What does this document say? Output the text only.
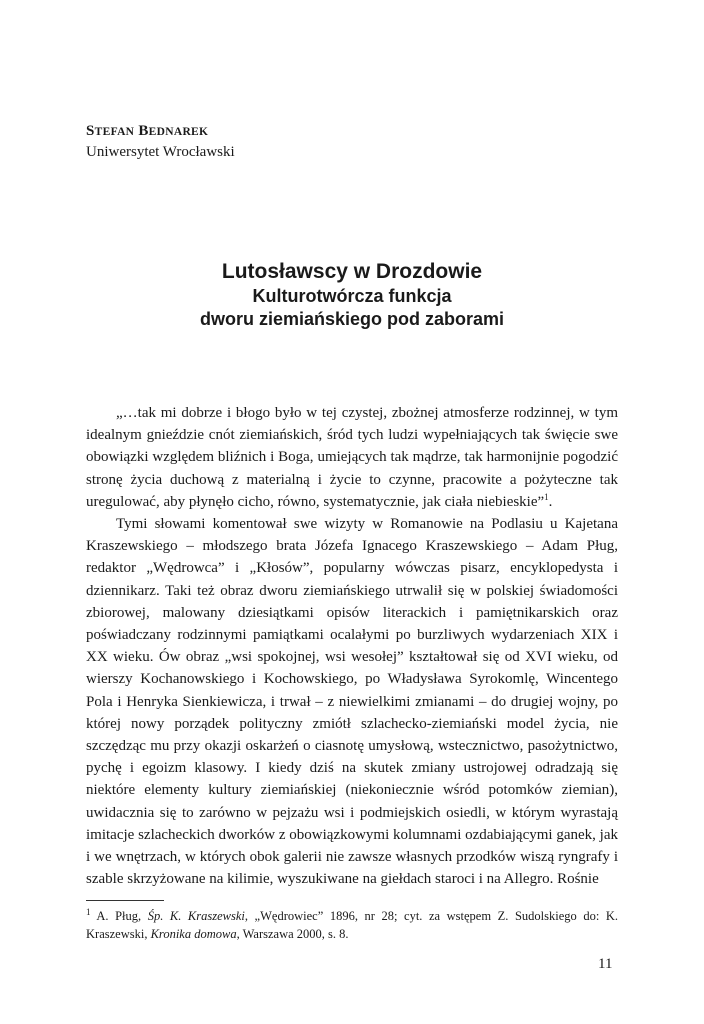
STEFAN BEDNAREK
Uniwersytet Wrocławski
Lutosławscy w Drozdowie
Kulturotwórcza funkcja
dworu ziemiańskiego pod zaborami

„…tak mi dobrze i błogo było w tej czystej, zbożnej atmosferze rodzinnej, w tym idealnym gnieździe cnót ziemiańskich, śród tych ludzi wypełniających tak święcie swe obowiązki względem bliźnich i Boga, umiejących tak mądrze, tak harmonijnie pogodzić stronę życia duchową z materialną i życie to czynne, pracowite a pożyteczne tak uregulować, aby płynęło cicho, równo, systematycznie, jak ciała niebieskie”$^1$.

Tymi słowami komentował swe wizyty w Romanowie na Podlasiu u Kajetana Kraszewskiego – młodszego brata Józefa Ignacego Kraszewskiego – Adam Pług, redaktor „Wędrowca” i „Kłosów”, popularny wówczas pisarz, encyklopedysta i dziennikarz. Taki też obraz dworu ziemiańskiego utrwalił się w polskiej świadomości zbiorowej, malowany dziesiątkami opisów literackich i pamiętnikarskich oraz poświadczany rodzinnymi pamiątkami ocalałymi po burzliwych wydarzeniach XIX i XX wieku. Ów obraz „wsi spokojnej, wsi wesołej” kształtował się od XVI wieku, od wierszy Kochanowskiego i Kochowskiego, po Władysława Syrokomlę, Wincentego Pola i Henryka Sienkiewicza, i trwał – z niewielkimi zmianami – do drugiej wojny, po której nowy porządek polityczny zmiótł szlachecko-ziemiański model życia, nie szczędząc mu przy okazji oskarżeń o ciasnotę umysłową, wstecznictwo, pasożytnictwo, pychę i egoizm klasowy. I kiedy dziś na skutek zmiany ustrojowej odradzają się niektóre elementy kultury ziemiańskiej (niekoniecznie wśród potomków ziemian), uwidacznia się to zarówno w pejzażu wsi i podmiejskich osiedli, w którym wyrastają imitacje szlacheckich dworków z obowiązkowymi kolumnami ozdabiającymi ganek, jak i we wnętrzach, w których obok galerii nie zawsze własnych przodków wiszą ryngrafy i szable skrzyżowane na kilimie, wyszukiwane na giełdach staroci i na Allegro. Rośnie

$^1$ A. Pług, Śp. K. Kraszewski, „Wędrowiec” 1896, nr 28; cyt. za wstępem Z. Sudolskiego do: K. Kraszewski, Kronika domowa, Warszawa 2000, s. 8.
11
